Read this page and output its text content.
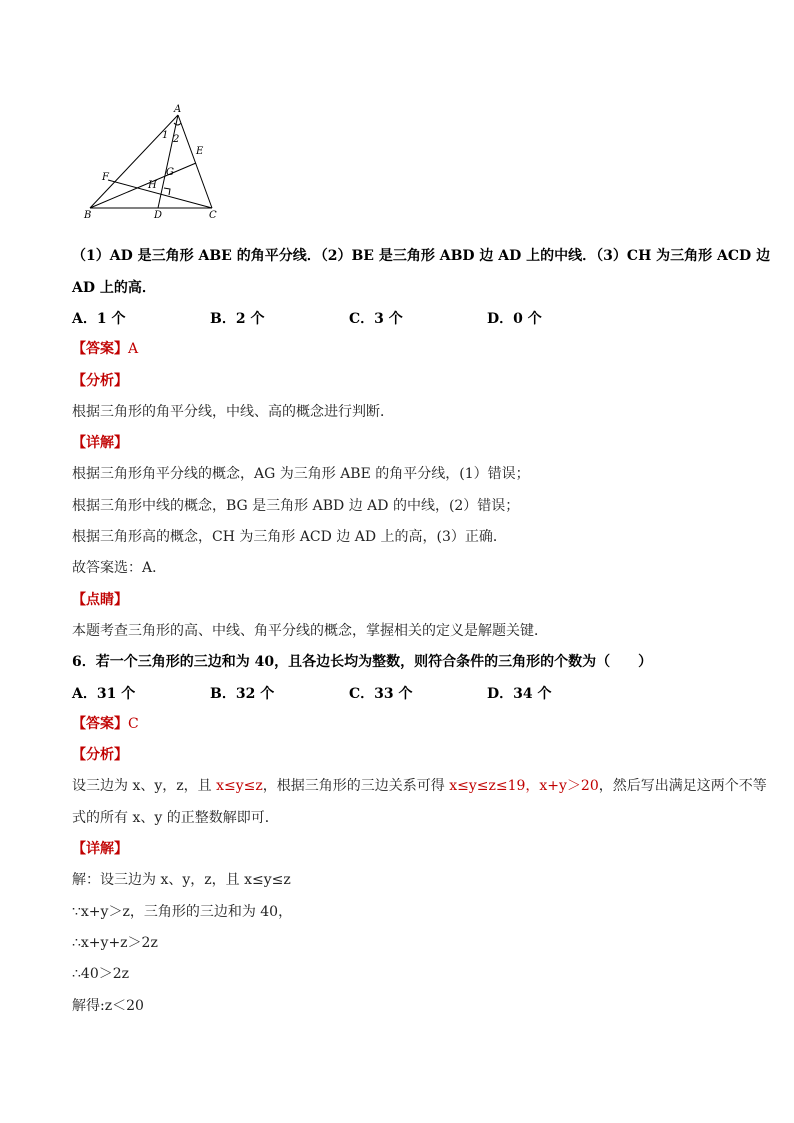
A
E
F	G
H
B	D	C
1 2
（1）AD 是三角形 ABE 的角平分线．（2）BE 是三角形 ABD 边 AD 上的中线．（3）CH 为三角形 ACD 边
AD 上的高．
A．1 个	B．2 个	C．3 个	D．0 个
【答案】A
【分析】
根据三角形的角平分线，中线、高的概念进行判断．
【详解】
根据三角形角平分线的概念，AG 为三角形 ABE 的角平分线，(1）错误；
根据三角形中线的概念，BG 是三角形 ABD 边 AD 的中线，(2）错误；
根据三角形高的概念，CH 为三角形 ACD 边 AD 上的高，(3）正确．
故答案选：A．
【点睛】
本题考查三角形的高、中线、角平分线的概念，掌握相关的定义是解题关键．
6．若一个三角形的三边和为 40，且各边长均为整数，则符合条件的三角形的个数为（　　）
A．31 个	B．32 个	C．33 个	D．34 个
【答案】C
【分析】
设三边为 x、y，z，且 x≤y≤z，根据三角形的三边关系可得 x≤y≤z≤19，x+y＞20，然后写出满足这两个不等
式的所有 x、y 的正整数解即可．
【详解】
解：设三边为 x、y，z，且 x≤y≤z
∵x+y＞z，三角形的三边和为 40，
∴x+y+z＞2z
∴40＞2z
解得:z＜20
